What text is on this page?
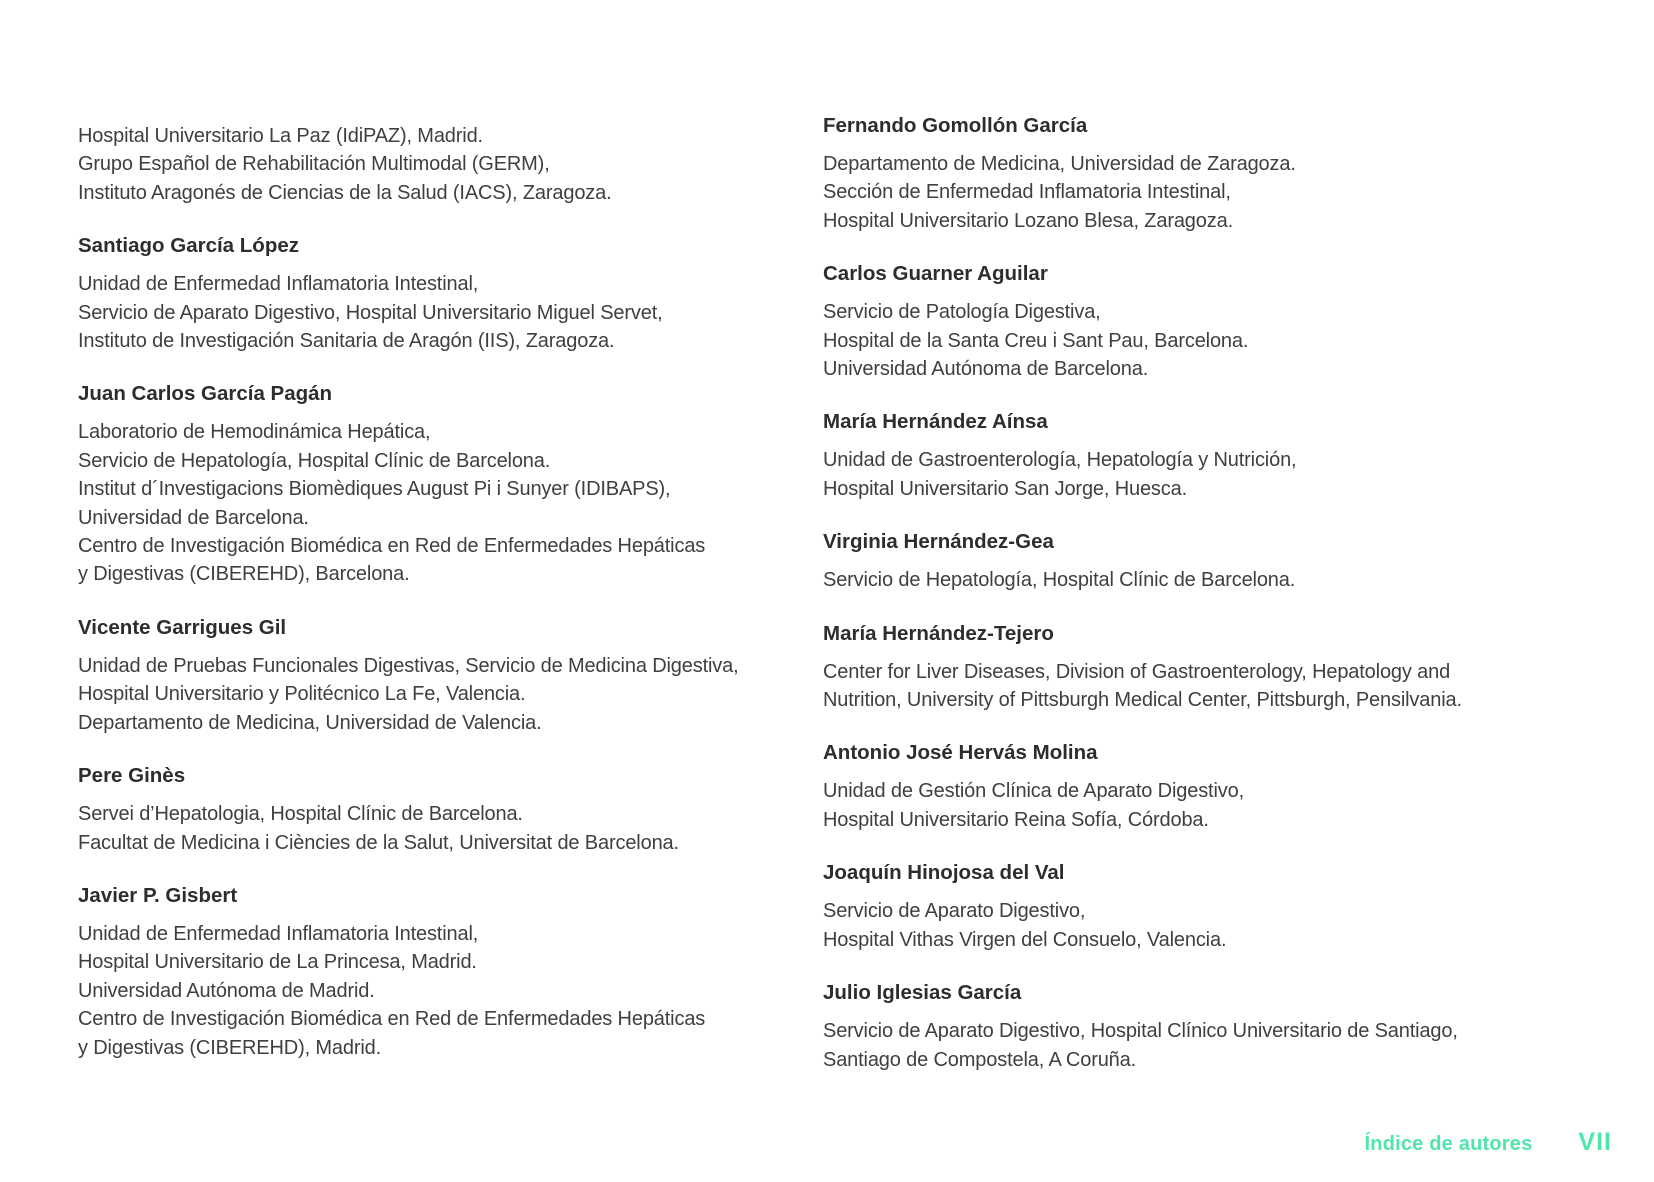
Hospital Universitario La Paz (IdiPAZ), Madrid.
Grupo Español de Rehabilitación Multimodal (GERM),
Instituto Aragonés de Ciencias de la Salud (IACS), Zaragoza.
Santiago García López
Unidad de Enfermedad Inflamatoria Intestinal,
Servicio de Aparato Digestivo, Hospital Universitario Miguel Servet,
Instituto de Investigación Sanitaria de Aragón (IIS), Zaragoza.
Juan Carlos García Pagán
Laboratorio de Hemodinámica Hepática,
Servicio de Hepatología, Hospital Clínic de Barcelona.
Institut d´Investigacions Biomèdiques August Pi i Sunyer (IDIBAPS),
Universidad de Barcelona.
Centro de Investigación Biomédica en Red de Enfermedades Hepáticas
y Digestivas (CIBEREHD), Barcelona.
Vicente Garrigues Gil
Unidad de Pruebas Funcionales Digestivas, Servicio de Medicina Digestiva,
Hospital Universitario y Politécnico La Fe, Valencia.
Departamento de Medicina, Universidad de Valencia.
Pere Ginès
Servei d’Hepatologia, Hospital Clínic de Barcelona.
Facultat de Medicina i Ciències de la Salut, Universitat de Barcelona.
Javier P. Gisbert
Unidad de Enfermedad Inflamatoria Intestinal,
Hospital Universitario de La Princesa, Madrid.
Universidad Autónoma de Madrid.
Centro de Investigación Biomédica en Red de Enfermedades Hepáticas
y Digestivas (CIBEREHD), Madrid.
Fernando Gomollón García
Departamento de Medicina, Universidad de Zaragoza.
Sección de Enfermedad Inflamatoria Intestinal,
Hospital Universitario Lozano Blesa, Zaragoza.
Carlos Guarner Aguilar
Servicio de Patología Digestiva,
Hospital de la Santa Creu i Sant Pau, Barcelona.
Universidad Autónoma de Barcelona.
María Hernández Aínsa
Unidad de Gastroenterología, Hepatología y Nutrición,
Hospital Universitario San Jorge, Huesca.
Virginia Hernández-Gea
Servicio de Hepatología, Hospital Clínic de Barcelona.
María Hernández-Tejero
Center for Liver Diseases, Division of Gastroenterology, Hepatology and
Nutrition, University of Pittsburgh Medical Center, Pittsburgh, Pensilvania.
Antonio José Hervás Molina
Unidad de Gestión Clínica de Aparato Digestivo,
Hospital Universitario Reina Sofía, Córdoba.
Joaquín Hinojosa del Val
Servicio de Aparato Digestivo,
Hospital Vithas Virgen del Consuelo, Valencia.
Julio Iglesias García
Servicio de Aparato Digestivo, Hospital Clínico Universitario de Santiago,
Santiago de Compostela, A Coruña.
Índice de autores VII
